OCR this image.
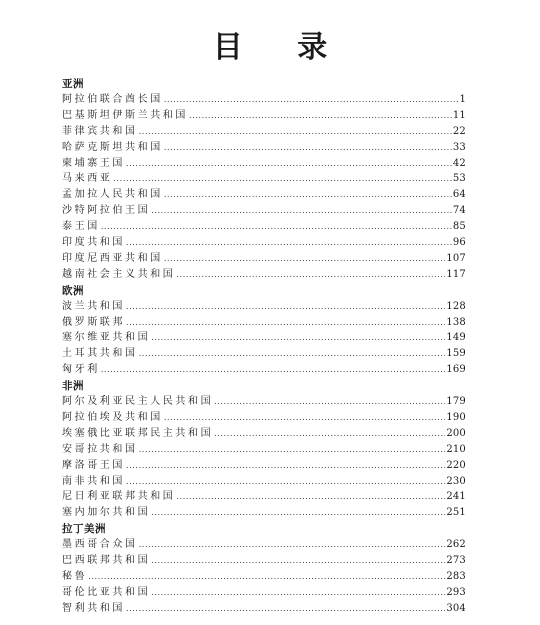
目 录
亚洲
阿拉伯联合酋长国 .....	1
巴基斯坦伊斯兰共和国 .....	11
菲律宾共和国 .....	22
哈萨克斯坦共和国 .....	33
柬埔寨王国 .....	42
马来西亚 .....	53
孟加拉人民共和国 .....	64
沙特阿拉伯王国 .....	74
泰王国 .....	85
印度共和国 .....	96
印度尼西亚共和国 .....	107
越南社会主义共和国 .....	117
欧洲
波兰共和国 .....	128
俄罗斯联邦 .....	138
塞尔维亚共和国 .....	149
土耳其共和国 .....	159
匈牙利 .....	169
非洲
阿尔及利亚民主人民共和国 .....	179
阿拉伯埃及共和国 .....	190
埃塞俄比亚联邦民主共和国 .....	200
安哥拉共和国 .....	210
摩洛哥王国 .....	220
南非共和国 .....	230
尼日利亚联邦共和国 .....	241
塞内加尔共和国 .....	251
拉丁美洲
墨西哥合众国 .....	262
巴西联邦共和国 .....	273
秘鲁 .....	283
哥伦比亚共和国 .....	293
智利共和国 .....	304
